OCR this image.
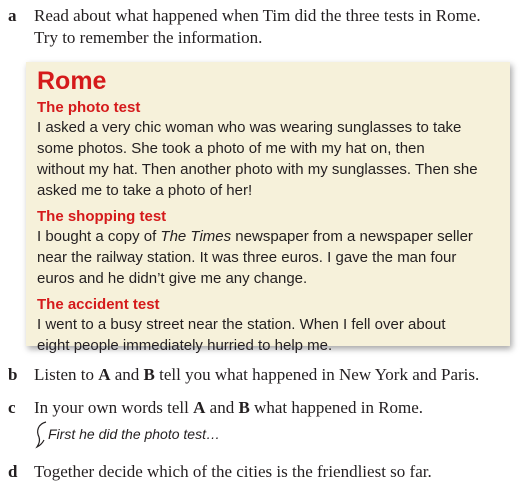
a Read about what happened when Tim did the three tests in Rome.
Try to remember the information.
Rome
The photo test
I asked a very chic woman who was wearing sunglasses to take
some photos. She took a photo of me with my hat on, then
without my hat. Then another photo with my sunglasses. Then she
asked me to take a photo of her!
The shopping test
I bought a copy of The Times newspaper from a newspaper seller
near the railway station. It was three euros. I gave the man four
euros and he didn’t give me any change.
The accident test
I went to a busy street near the station. When I fell over about
eight people immediately hurried to help me.
b Listen to A and B tell you what happened in New York and Paris.
c In your own words tell A and B what happened in Rome.
First he did the photo test…
d Together decide which of the cities is the friendliest so far.
